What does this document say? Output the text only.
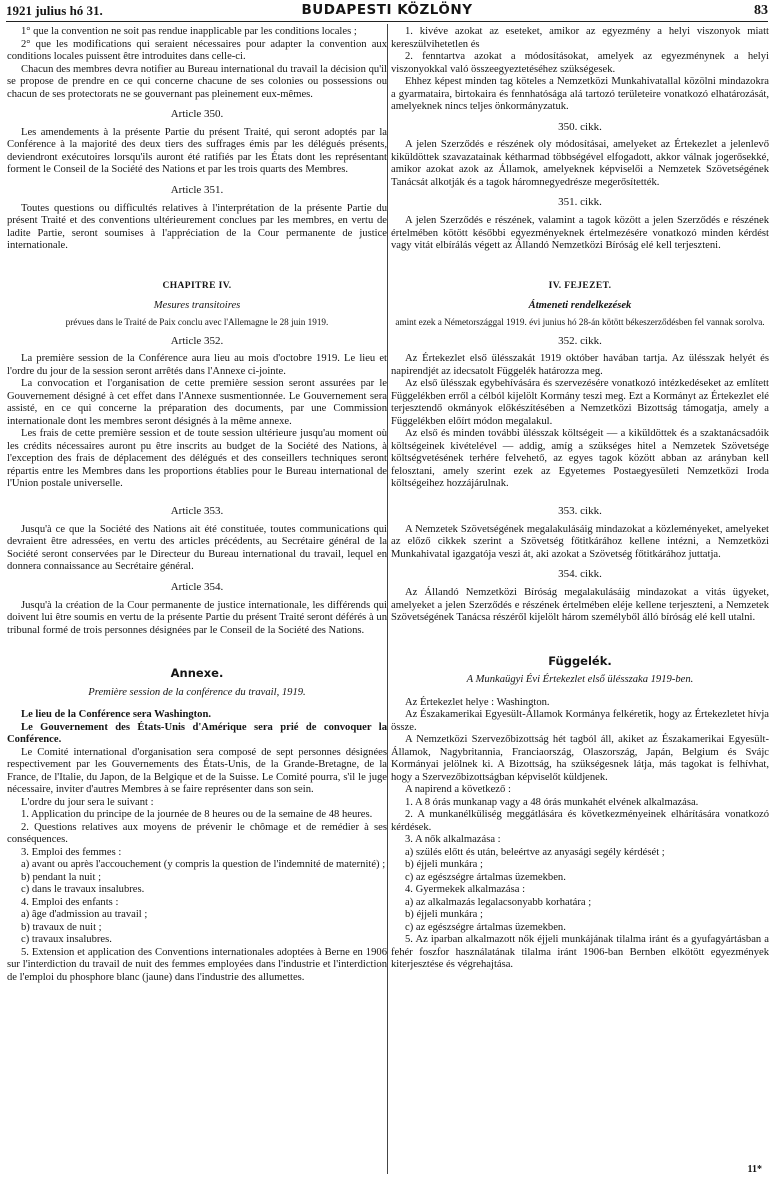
1921 julius hó 31.	BUDAPESTI KÖZLÖNY	83

1° que la convention ne soit pas rendue inapplicable par les conditions locales ;

2° que les modifications qui seraient nécessaires pour adapter la convention aux conditions locales puissent être introduites dans celle-ci.

Chacun des membres devra notifier au Bureau international du travail la décision qu'il se propose de prendre en ce qui concerne chacune de ses colonies ou possessions ou chacun de ses protectorats ne se gouvernant pas pleinement eux-mêmes.

Article 350.

Les amendements à la présente Partie du présent Traité, qui seront adoptés par la Conférence à la majorité des deux tiers des suffrages émis par les délégués présents, deviendront exécutoires lorsqu'ils auront été ratifiés par les États dont les représentant forment le Conseil de la Société des Nations et par les trois quarts des Membres.

Article 351.

Toutes questions ou difficultés relatives à l'interprétation de la présente Partie du présent Traité et des conventions ultérieurement conclues par les membres, en vertu de ladite Partie, seront soumises à l'appréciation de la Cour permanente de justice internationale.

CHAPITRE IV.

Mesures transitoires

prévues dans le Traité de Paix conclu avec l'Allemagne le 28 juin 1919.

Article 352.

La première session de la Conférence aura lieu au mois d'octobre 1919. Le lieu et l'ordre du jour de la session seront arrêtés dans l'Annexe ci-jointe.

La convocation et l'organisation de cette première session seront assurées par le Gouvernement désigné à cet effet dans l'Annexe susmentionnée. Le Gouvernement sera assisté, en ce qui concerne la préparation des documents, par une Commission internationale dont les membres seront désignés à la même annexe.

Les frais de cette première session et de toute session ultérieure jusqu'au moment où les crédits nécessaires auront pu être inscrits au budget de la Société des Nations, à l'exception des frais de déplacement des délégués et des conseillers techniques seront répartis entre les Membres dans les proportions établies pour le Bureau international de l'Union postale universelle.

Article 353.

Jusqu'à ce que la Société des Nations ait été constituée, toutes communications qui devraient être adressées, en vertu des articles précédents, au Secrétaire général de la Société seront conservées par le Directeur du Bureau international du travail, lequel en donnera connaissance au Secrétaire général.

Article 354.

Jusqu'à la création de la Cour permanente de justice internationale, les différends qui doivent lui être soumis en vertu de la présente Partie du présent Traité seront déférés à un tribunal formé de trois personnes désignées par le Conseil de la Société des Nations.

Annexe.

Première session de la conférence du travail, 1919.

Le lieu de la Conférence sera Washington.

Le Gouvernement des États-Unis d'Amérique sera prié de convoquer la Conférence.

Le Comité international d'organisation sera composé de sept personnes désignées respectivement par les Gouvernements des États-Unis, de la Grande-Bretagne, de la France, de l'Italie, du Japon, de la Belgique et de la Suisse. Le Comité pourra, s'il le juge nécessaire, inviter d'autres Membres à se faire représenter dans son sein.

L'ordre du jour sera le suivant :

1. Application du principe de la journée de 8 heures ou de la semaine de 48 heures.

2. Questions relatives aux moyens de prévenir le chômage et de remédier à ses conséquences.

3. Emploi des femmes :

a) avant ou après l'accouchement (y compris la question de l'indemnité de maternité) ;

b) pendant la nuit ;

c) dans le travaux insalubres.

4. Emploi des enfants :

a) âge d'admission au travail ;

b) travaux de nuit ;

c) travaux insalubres.

5. Extension et application des Conventions internationales adoptées à Berne en 1906 sur l'interdiction du travail de nuit des femmes employées dans l'industrie et l'interdiction de l'emploi du phosphore blanc (jaune) dans l'industrie des allumettes.

1. kivéve azokat az eseteket, amikor az egyezmény a helyi viszonyok miatt kereszülvihetetlen és

2. fenntartva azokat a módosításokat, amelyek az egyezménynek a helyi viszonyokkal való összeegyeztetéséhez szükségesek.

Ehhez képest minden tag köteles a Nemzetközi Munkahivatallal közölni mindazokra a gyarmataira, birtokaira és fennhatósága alá tartozó területeire vonatkozó elhatározását, amelyeknek nincs teljes önkormányzatuk.

350. cikk.

A jelen Szerződés e részének oly módosításai, amelyeket az Értekezlet a jelenlevő kiküldöttek szavazatainak kétharmad többségével elfogadott, akkor válnak jogerősekké, amikor azokat azok az Államok, amelyeknek képviselői a Nemzetek Szövetségének Tanácsát alkotják és a tagok háromnegyedrésze megerősítették.

351. cikk.

A jelen Szerződés e részének, valamint a tagok között a jelen Szerződés e részének értelmében kötött későbbi egyezményeknek értelmezésére vonatkozó minden kérdést vagy vitát elbírálás végett az Állandó Nemzetközi Bíróság elé kell terjeszteni.

IV. FEJEZET.

Átmeneti rendelkezések

amint ezek a Németországgal 1919. évi junius hó 28-án kötött békeszerződésben fel vannak sorolva.

352. cikk.

Az Értekezlet első ülésszakát 1919 október havában tartja. Az ülésszak helyét és napirendjét az idecsatolt Függelék határozza meg.

Az első ülésszak egybehívására és szervezésére vonatkozó intézkedéseket az említett Függelékben erről a célból kijelölt Kormány teszi meg. Ezt a Kormányt az Értekezlet elé terjesztendő okmányok előkészítésében a Nemzetközi Bizottság támogatja, amely a Függelékben előírt módon megalakul.

Az első és minden további ülésszak költségeit — a kiküldöttek és a szaktanácsadóik költségeinek kivételével — addig, amíg a szükséges hitel a Nemzetek Szövetsége költségvetésének terhére felvehető, az egyes tagok között abban az arányban kell felosztani, amely szerint ezek az Egyetemes Postaegyesületi Nemzetközi Iroda költségeihez hozzájárulnak.

353. cikk.

A Nemzetek Szövetségének megalakulásáig mindazokat a közleményeket, amelyeket az előző cikkek szerint a Szövetség főtitkárához kellene intézni, a Nemzetközi Munkahivatal igazgatója veszi át, aki azokat a Szövetség főtitkárához juttatja.

354. cikk.

Az Állandó Nemzetközi Bíróság megalakulásáig mindazokat a vitás ügyeket, amelyeket a jelen Szerződés e részének értelmében eléje kellene terjeszteni, a Nemzetek Szövetségének Tanácsa részéről kijelölt három személyből álló bíróság elé kell utalni.

Függelék.

A Munkaügyi Évi Értekezlet első ülésszaka 1919-ben.

Az Értekezlet helye : Washington.

Az Északamerikai Egyesült-Államok Kormánya felkéretik, hogy az Értekezletet hívja össze.

A Nemzetközi Szervezőbizottság hét tagból áll, akiket az Északamerikai Egyesült-Államok, Nagybritannia, Franciaország, Olaszország, Japán, Belgium és Svájc Kormányai jelölnek ki. A Bizottság, ha szükségesnek látja, más tagokat is felhívhat, hogy a Szervezőbizottságban képviselőt küldjenek.

A napirend a következő :

1. A 8 órás munkanap vagy a 48 órás munkahét elvének alkalmazása.

2. A munkanélküliség meggátlására és következményeinek elhárítására vonatkozó kérdések.

3. A nők alkalmazása :

a) szülés előtt és után, beleértve az anyasági segély kérdését ;

b) éjjeli munkára ;

c) az egészségre ártalmas üzemekben.

4. Gyermekek alkalmazása :

a) az alkalmazás legalacsonyabb korhatára ;

b) éjjeli munkára ;

c) az egészségre ártalmas üzemekben.

5. Az iparban alkalmazott nők éjjeli munkájának tilalma iránt és a gyufagyártásban a fehér foszfor használatának tilalma iránt 1906-ban Bernben elkötött egyezmények kiterjesztése és végrehajtása.

11*
